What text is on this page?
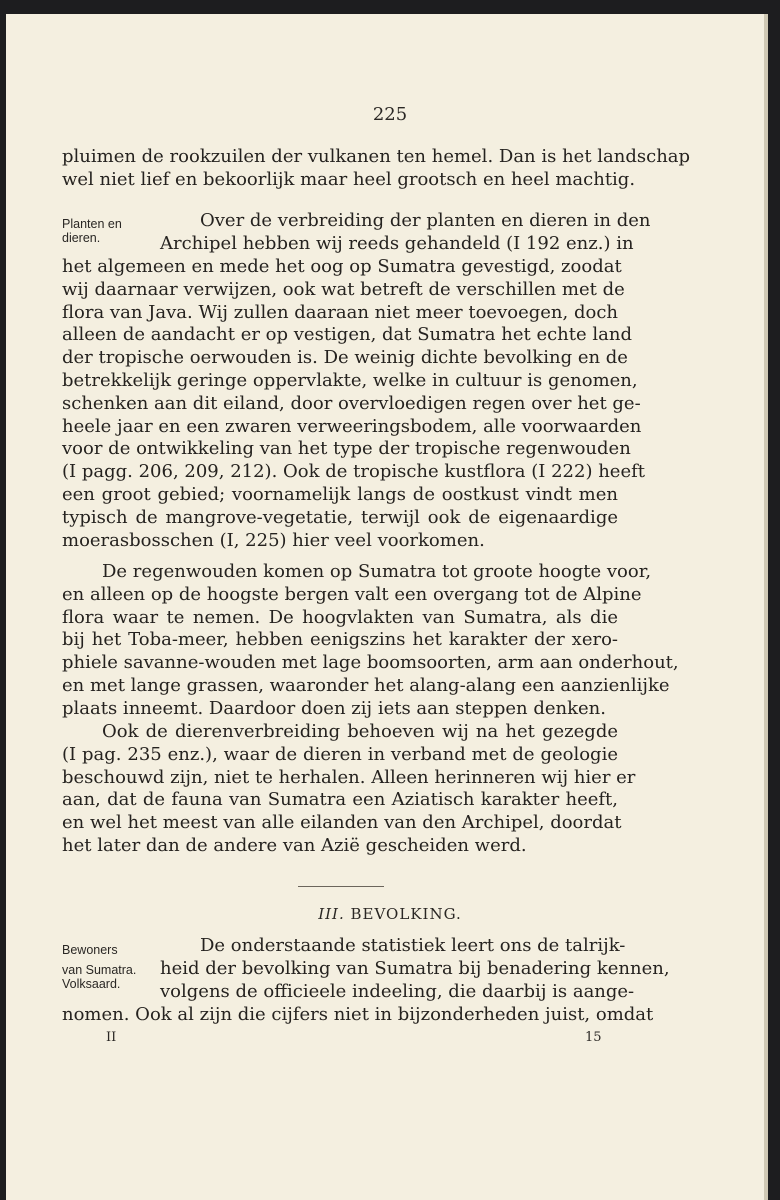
225
pluimen de rookzuilen der vulkanen ten hemel. Dan is het landschap
wel niet lief en bekoorlijk maar heel grootsch en heel machtig.
Planten en
dieren.
Over de verbreiding der planten en dieren in den
Archipel hebben wij reeds gehandeld (I 192 enz.) in
het algemeen en mede het oog op Sumatra gevestigd, zoodat
wij daarnaar verwijzen, ook wat betreft de verschillen met de
flora van Java. Wij zullen daaraan niet meer toevoegen, doch
alleen de aandacht er op vestigen, dat Sumatra het echte land
der tropische oerwouden is. De weinig dichte bevolking en de
betrekkelijk geringe oppervlakte, welke in cultuur is genomen,
schenken aan dit eiland, door overvloedigen regen over het ge-
heele jaar en een zwaren verweeringsbodem, alle voorwaarden
voor de ontwikkeling van het type der tropische regenwouden
(I pagg. 206, 209, 212). Ook de tropische kustflora (I 222) heeft
een groot gebied; voornamelijk langs de oostkust vindt men
typisch de mangrove-vegetatie, terwijl ook de eigenaardige
moerasbosschen (I, 225) hier veel voorkomen.
De regenwouden komen op Sumatra tot groote hoogte voor,
en alleen op de hoogste bergen valt een overgang tot de Alpine
flora waar te nemen. De hoogvlakten van Sumatra, als die
bij het Toba-meer, hebben eenigszins het karakter der xero-
phiele savanne-wouden met lage boomsoorten, arm aan onderhout,
en met lange grassen, waaronder het alang-alang een aanzienlijke
plaats inneemt. Daardoor doen zij iets aan steppen denken.
Ook de dierenverbreiding behoeven wij na het gezegde
(I pag. 235 enz.), waar de dieren in verband met de geologie
beschouwd zijn, niet te herhalen. Alleen herinneren wij hier er
aan, dat de fauna van Sumatra een Aziatisch karakter heeft,
en wel het meest van alle eilanden van den Archipel, doordat
het later dan de andere van Azië gescheiden werd.
III. BEVOLKING.
Bewoners
van Sumatra.
Volksaard.
De onderstaande statistiek leert ons de talrijk-
heid der bevolking van Sumatra bij benadering kennen,
volgens de officieele indeeling, die daarbij is aange-
nomen. Ook al zijn die cijfers niet in bijzonderheden juist, omdat
II	15
